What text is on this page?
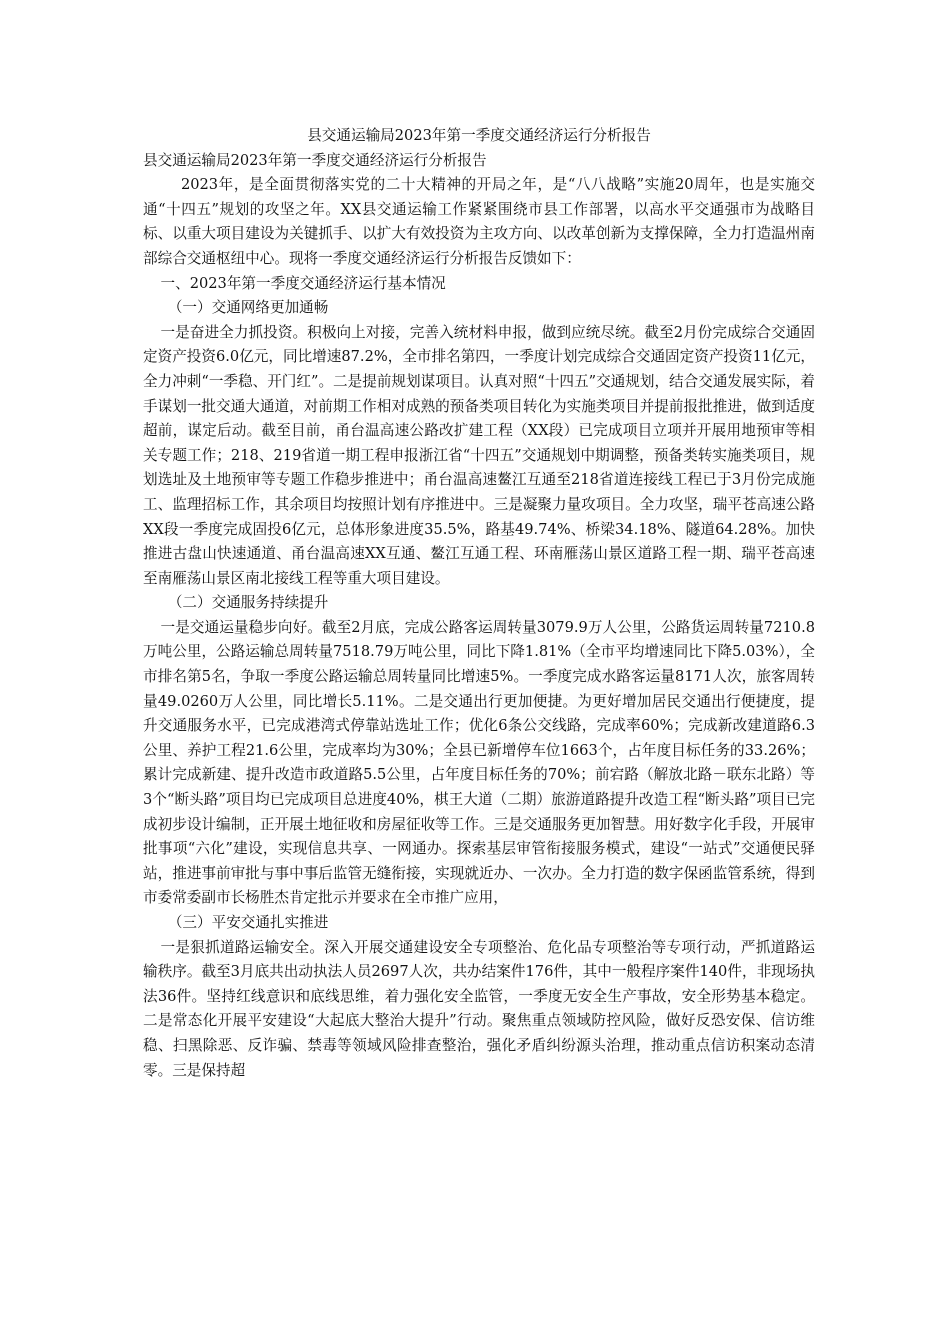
县交通运输局2023年第一季度交通经济运行分析报告

县交通运输局2023年第一季度交通经济运行分析报告

2023年，是全面贯彻落实党的二十大精神的开局之年，是“八八战略”实施20周年，也是实施交通“十四五”规划的攻坚之年。XX县交通运输工作紧紧围绕市县工作部署，以高水平交通强市为战略目标、以重大项目建设为关键抓手、以扩大有效投资为主攻方向、以改革创新为支撑保障，全力打造温州南部综合交通枢纽中心。现将一季度交通经济运行分析报告反馈如下：

一、2023年第一季度交通经济运行基本情况

（一）交通网络更加通畅

一是奋进全力抓投资。积极向上对接，完善入统材料申报，做到应统尽统。截至2月份完成综合交通固定资产投资6.0亿元，同比增速87.2%，全市排名第四，一季度计划完成综合交通固定资产投资11亿元，全力冲刺“一季稳、开门红”。二是提前规划谋项目。认真对照“十四五”交通规划，结合交通发展实际，着手谋划一批交通大通道，对前期工作相对成熟的预备类项目转化为实施类项目并提前报批推进，做到适度超前，谋定后动。截至目前，甬台温高速公路改扩建工程（XX段）已完成项目立项并开展用地预审等相关专题工作；218、219省道一期工程申报浙江省“十四五”交通规划中期调整，预备类转实施类项目，规划选址及土地预审等专题工作稳步推进中；甬台温高速鳌江互通至218省道连接线工程已于3月份完成施工、监理招标工作，其余项目均按照计划有序推进中。三是凝聚力量攻项目。全力攻坚，瑞平苍高速公路XX段一季度完成固投6亿元，总体形象进度35.5%，路基49.74%、桥梁34.18%、隧道64.28%。加快推进古盘山快速通道、甬台温高速XX互通、鳌江互通工程、环南雁荡山景区道路工程一期、瑞平苍高速至南雁荡山景区南北接线工程等重大项目建设。

（二）交通服务持续提升

一是交通运量稳步向好。截至2月底，完成公路客运周转量3079.9万人公里，公路货运周转量7210.8万吨公里，公路运输总周转量7518.79万吨公里，同比下降1.81%（全市平均增速同比下降5.03%），全市排名第5名，争取一季度公路运输总周转量同比增速5%。一季度完成水路客运量8171人次，旅客周转量49.0260万人公里，同比增长5.11%。二是交通出行更加便捷。为更好增加居民交通出行便捷度，提升交通服务水平，已完成港湾式停靠站选址工作；优化6条公交线路，完成率60%；完成新改建道路6.3公里、养护工程21.6公里，完成率均为30%；全县已新增停车位1663个，占年度目标任务的33.26%；累计完成新建、提升改造市政道路5.5公里，占年度目标任务的70%；前宕路（解放北路－联东北路）等3个“断头路”项目均已完成项目总进度40%，棋王大道（二期）旅游道路提升改造工程“断头路”项目已完成初步设计编制，正开展土地征收和房屋征收等工作。三是交通服务更加智慧。用好数字化手段，开展审批事项“六化”建设，实现信息共享、一网通办。探索基层审管衔接服务模式，建设“一站式”交通便民驿站，推进事前审批与事中事后监管无缝衔接，实现就近办、一次办。全力打造的数字保函监管系统，得到市委常委副市长杨胜杰肯定批示并要求在全市推广应用，

（三）平安交通扎实推进

一是狠抓道路运输安全。深入开展交通建设安全专项整治、危化品专项整治等专项行动，严抓道路运输秩序。截至3月底共出动执法人员2697人次，共办结案件176件，其中一般程序案件140件，非现场执法36件。坚持红线意识和底线思维，着力强化安全监管，一季度无安全生产事故，安全形势基本稳定。二是常态化开展平安建设“大起底大整治大提升”行动。聚焦重点领域防控风险，做好反恐安保、信访维稳、扫黑除恶、反诈骗、禁毒等领域风险排查整治，强化矛盾纠纷源头治理，推动重点信访积案动态清零。三是保持超
